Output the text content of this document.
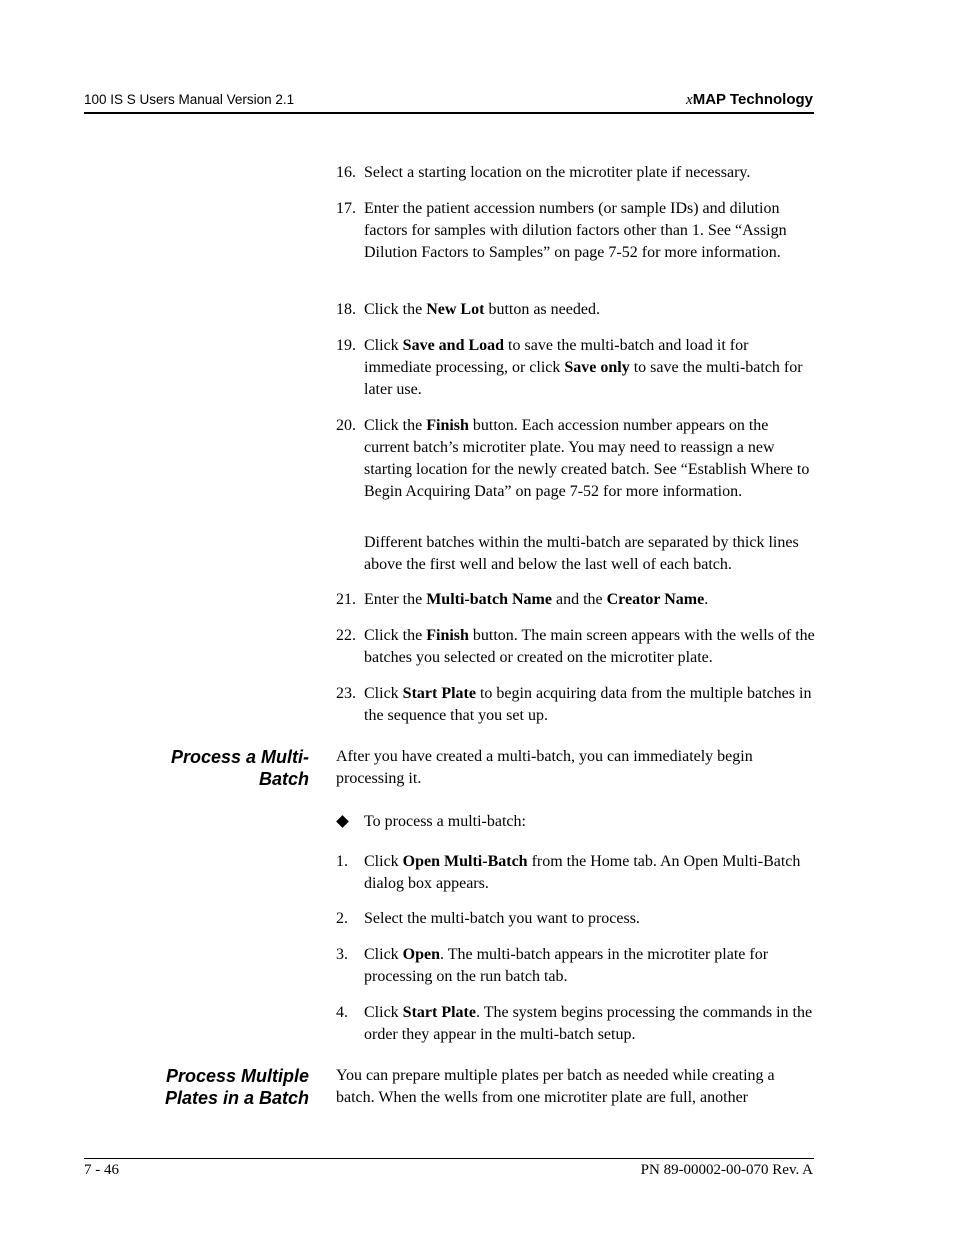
100 IS S Users Manual Version 2.1	xMAP Technology
16. Select a starting location on the microtiter plate if necessary.
17. Enter the patient accession numbers (or sample IDs) and dilution factors for samples with dilution factors other than 1. See “Assign Dilution Factors to Samples” on page 7-52 for more information.
18. Click the New Lot button as needed.
19. Click Save and Load to save the multi-batch and load it for immediate processing, or click Save only to save the multi-batch for later use.
20. Click the Finish button. Each accession number appears on the current batch’s microtiter plate. You may need to reassign a new starting location for the newly created batch. See “Establish Where to Begin Acquiring Data” on page 7-52 for more information.
Different batches within the multi-batch are separated by thick lines above the first well and below the last well of each batch.
21. Enter the Multi-batch Name and the Creator Name.
22. Click the Finish button. The main screen appears with the wells of the batches you selected or created on the microtiter plate.
23. Click Start Plate to begin acquiring data from the multiple batches in the sequence that you set up.
Process a Multi-
Batch
After you have created a multi-batch, you can immediately begin processing it.
To process a multi-batch:
1. Click Open Multi-Batch from the Home tab. An Open Multi-Batch dialog box appears.
2. Select the multi-batch you want to process.
3. Click Open. The multi-batch appears in the microtiter plate for processing on the run batch tab.
4. Click Start Plate. The system begins processing the commands in the order they appear in the multi-batch setup.
Process Multiple
Plates in a Batch
You can prepare multiple plates per batch as needed while creating a batch. When the wells from one microtiter plate are full, another
7 - 46	PN 89-00002-00-070 Rev. A
